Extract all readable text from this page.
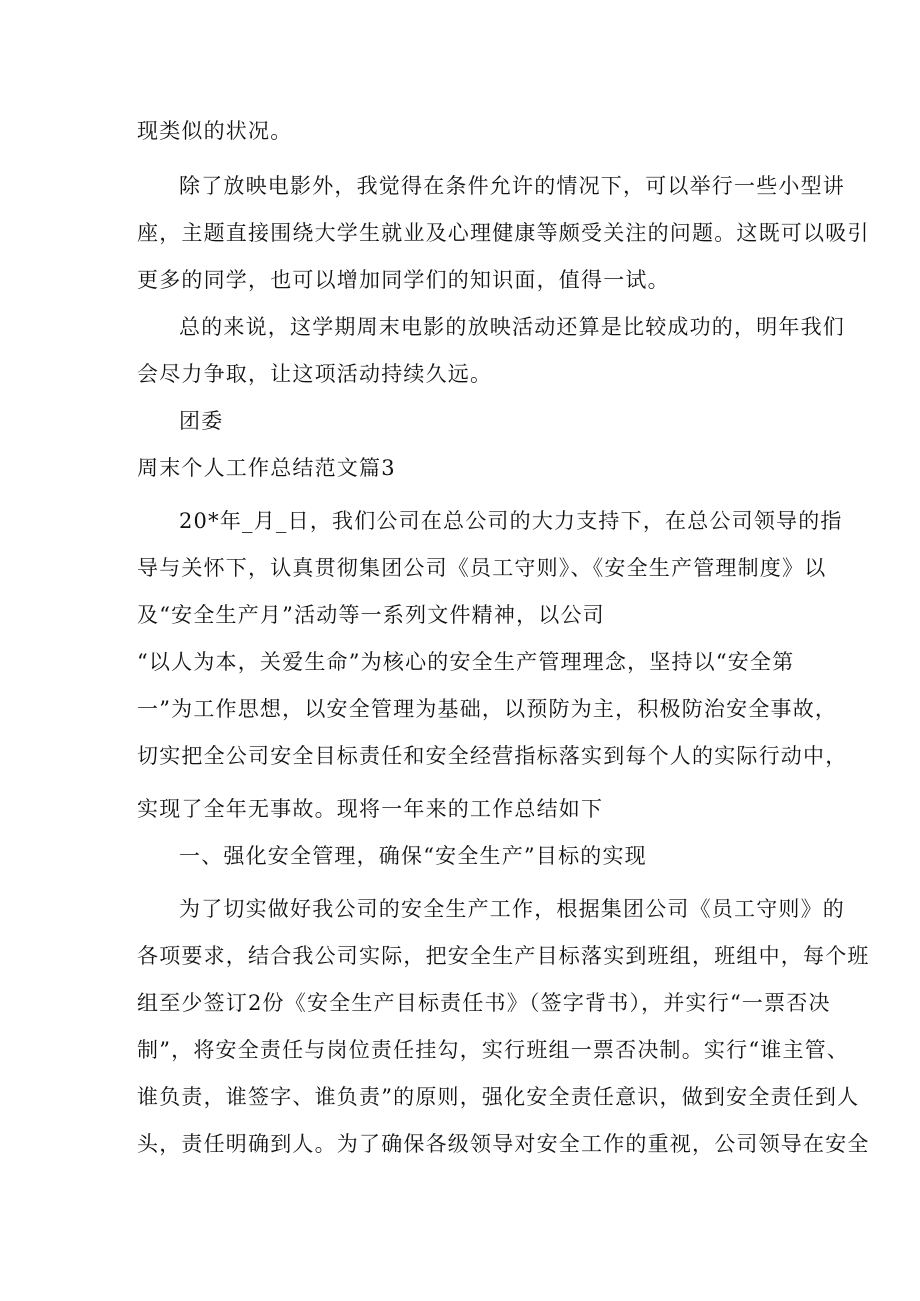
现类似的状况。
除了放映电影外，我觉得在条件允许的情况下，可以举行一些小型讲
座，主题直接围绕大学生就业及心理健康等颇受关注的问题。这既可以吸引
更多的同学，也可以增加同学们的知识面，值得一试。
总的来说，这学期周末电影的放映活动还算是比较成功的，明年我们
会尽力争取，让这项活动持续久远。
团委
周末个人工作总结范文篇3
20*年_月_日，我们公司在总公司的大力支持下，在总公司领导的指
导与关怀下，认真贯彻集团公司《员工守则》、《安全生产管理制度》以
及“安全生产月”活动等一系列文件精神，以公司
“以人为本，关爱生命”为核心的安全生产管理理念，坚持以“安全第
一”为工作思想，以安全管理为基础，以预防为主，积极防治安全事故，
切实把全公司安全目标责任和安全经营指标落实到每个人的实际行动中，
实现了全年无事故。现将一年来的工作总结如下
一、强化安全管理，确保“安全生产”目标的实现
为了切实做好我公司的安全生产工作，根据集团公司《员工守则》的
各项要求，结合我公司实际，把安全生产目标落实到班组，班组中，每个班
组至少签订2份《安全生产目标责任书》（签字背书），并实行“一票否决
制”，将安全责任与岗位责任挂勾，实行班组一票否决制。实行“谁主管、
谁负责，谁签字、谁负责”的原则，强化安全责任意识，做到安全责任到人
头，责任明确到人。为了确保各级领导对安全工作的重视，公司领导在安全
